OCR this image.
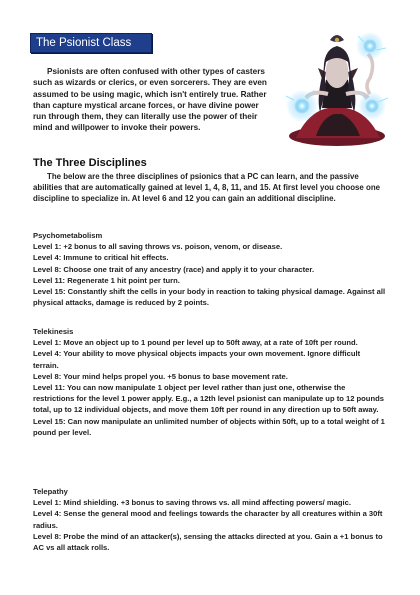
The Psionist Class

Psionists are often confused with other types of casters such as wizards or clerics, or even sorcerers. They are even assumed to be using magic, which isn't entirely true. Rather than capture mystical arcane forces, or have divine power run through them, they can literally use the power of their mind and willpower to invoke their powers.

The Three Disciplines

The below are the three disciplines of psionics that a PC can learn, and the passive abilities that are automatically gained at level 1, 4, 8, 11, and 15. At first level you choose one discipline to specialize in. At level 6 and 12 you can gain an additional discipline.

Psychometabolism

Level 1: +2 bonus to all saving throws vs. poison, venom, or disease.

Level 4: Immune to critical hit effects.

Level 8: Choose one trait of any ancestry (race) and apply it to your character.

Level 11: Regenerate 1 hit point per turn.

Level 15: Constantly shift the cells in your body in reaction to taking physical damage. Against all physical attacks, damage is reduced by 2 points.

Telekinesis

Level 1: Move an object up to 1 pound per level up to 50ft away, at a rate of 10ft per round.

Level 4: Your ability to move physical objects impacts your own movement. Ignore difficult terrain.

Level 8: Your mind helps propel you. +5 bonus to base movement rate.

Level 11: You can now manipulate 1 object per level rather than just one, otherwise the restrictions for the level 1 power apply. E.g., a 12th level psionist can manipulate up to 12 pounds total, up to 12 individual objects, and move them 10ft per round in any direction up to 50ft away.

Level 15: Can now manipulate an unlimited number of objects within 50ft, up to a total weight of 1 pound per level.

Telepathy

Level 1: Mind shielding. +3 bonus to saving throws vs. all mind affecting powers/ magic.

Level 4: Sense the general mood and feelings towards the character by all creatures within a 30ft radius.

Level 8: Probe the mind of an attacker(s), sensing the attacks directed at you. Gain a +1 bonus to AC vs all attack rolls.
